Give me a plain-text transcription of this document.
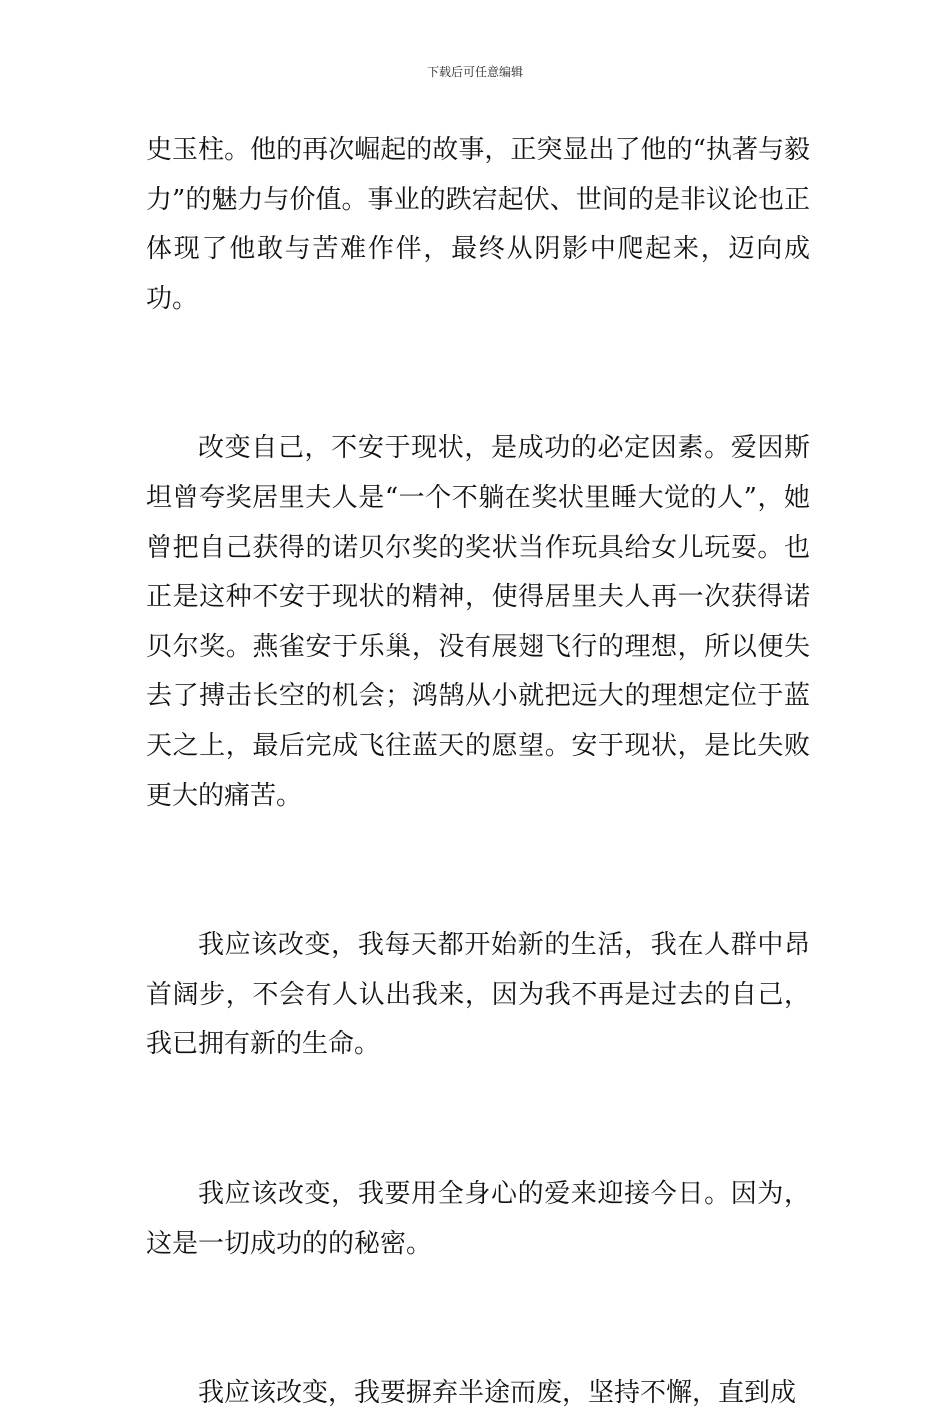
下载后可任意编辑

史玉柱。他的再次崛起的故事，正突显出了他的“执著与毅力”的魅力与价值。事业的跌宕起伏、世间的是非议论也正体现了他敢与苦难作伴，最终从阴影中爬起来，迈向成功。

改变自己，不安于现状，是成功的必定因素。爱因斯坦曾夸奖居里夫人是“一个不躺在奖状里睡大觉的人”，她曾把自己获得的诺贝尔奖的奖状当作玩具给女儿玩耍。也正是这种不安于现状的精神，使得居里夫人再一次获得诺贝尔奖。燕雀安于乐巢，没有展翅飞行的理想，所以便失去了搏击长空的机会；鸿鹄从小就把远大的理想定位于蓝天之上，最后完成飞往蓝天的愿望。安于现状，是比失败更大的痛苦。

我应该改变，我每天都开始新的生活，我在人群中昂首阔步，不会有人认出我来，因为我不再是过去的自己，我已拥有新的生命。

我应该改变，我要用全身心的爱来迎接今日。因为，这是一切成功的的秘密。

我应该改变，我要摒弃半途而废，坚持不懈，直到成
